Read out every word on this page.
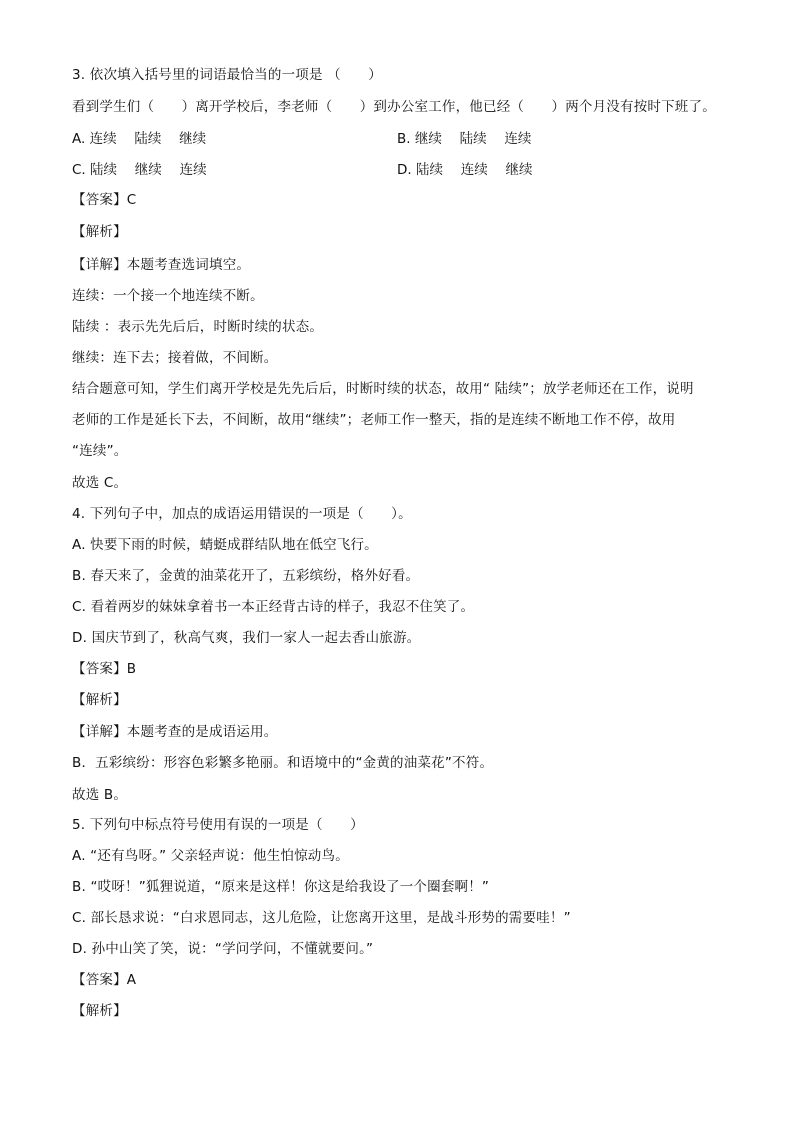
3. 依次填入括号里的词语最恰当的一项是 （　　）
看到学生们（　　）离开学校后，李老师（　　）到办公室工作，他已经（　　）两个月没有按时下班了。
A. 连续　 陆续　 继续	B. 继续　 陆续　 连续
C. 陆续　 继续　 连续	D. 陆续　 连续　 继续
【答案】C
【解析】
【详解】本题考查选词填空。
连续：一个接一个地连续不断。
陆续 ：表示先先后后，时断时续的状态。
继续：连下去；接着做，不间断。
结合题意可知，学生们离开学校是先先后后，时断时续的状态，故用“ 陆续”；放学老师还在工作，说明
老师的工作是延长下去，不间断，故用“继续”；老师工作一整天，指的是连续不断地工作不停，故用
“连续”。
故选 C。
4. 下列句子中，加点的成语运用错误的一项是（　　）。
A. 快要下雨的时候，蜻蜓成群结队地在低空飞行。
B. 春天来了，金黄的油菜花开了，五彩缤纷，格外好看。
C. 看着两岁的妹妹拿着书一本正经背古诗的样子，我忍不住笑了。
D. 国庆节到了，秋高气爽，我们一家人一起去香山旅游。
【答案】B
【解析】
【详解】本题考查的是成语运用。
B．五彩缤纷：形容色彩繁多艳丽。和语境中的“金黄的油菜花”不符。
故选 B。
5. 下列句中标点符号使用有误的一项是（　　）
A. “还有鸟呀。” 父亲轻声说：他生怕惊动鸟。
B. “哎呀！”狐狸说道，“原来是这样！你这是给我设了一个圈套啊！”
C. 部长恳求说：“白求恩同志，这儿危险，让您离开这里，是战斗形势的需要哇！”
D. 孙中山笑了笑，说：“学问学问，不懂就要问。”
【答案】A
【解析】
